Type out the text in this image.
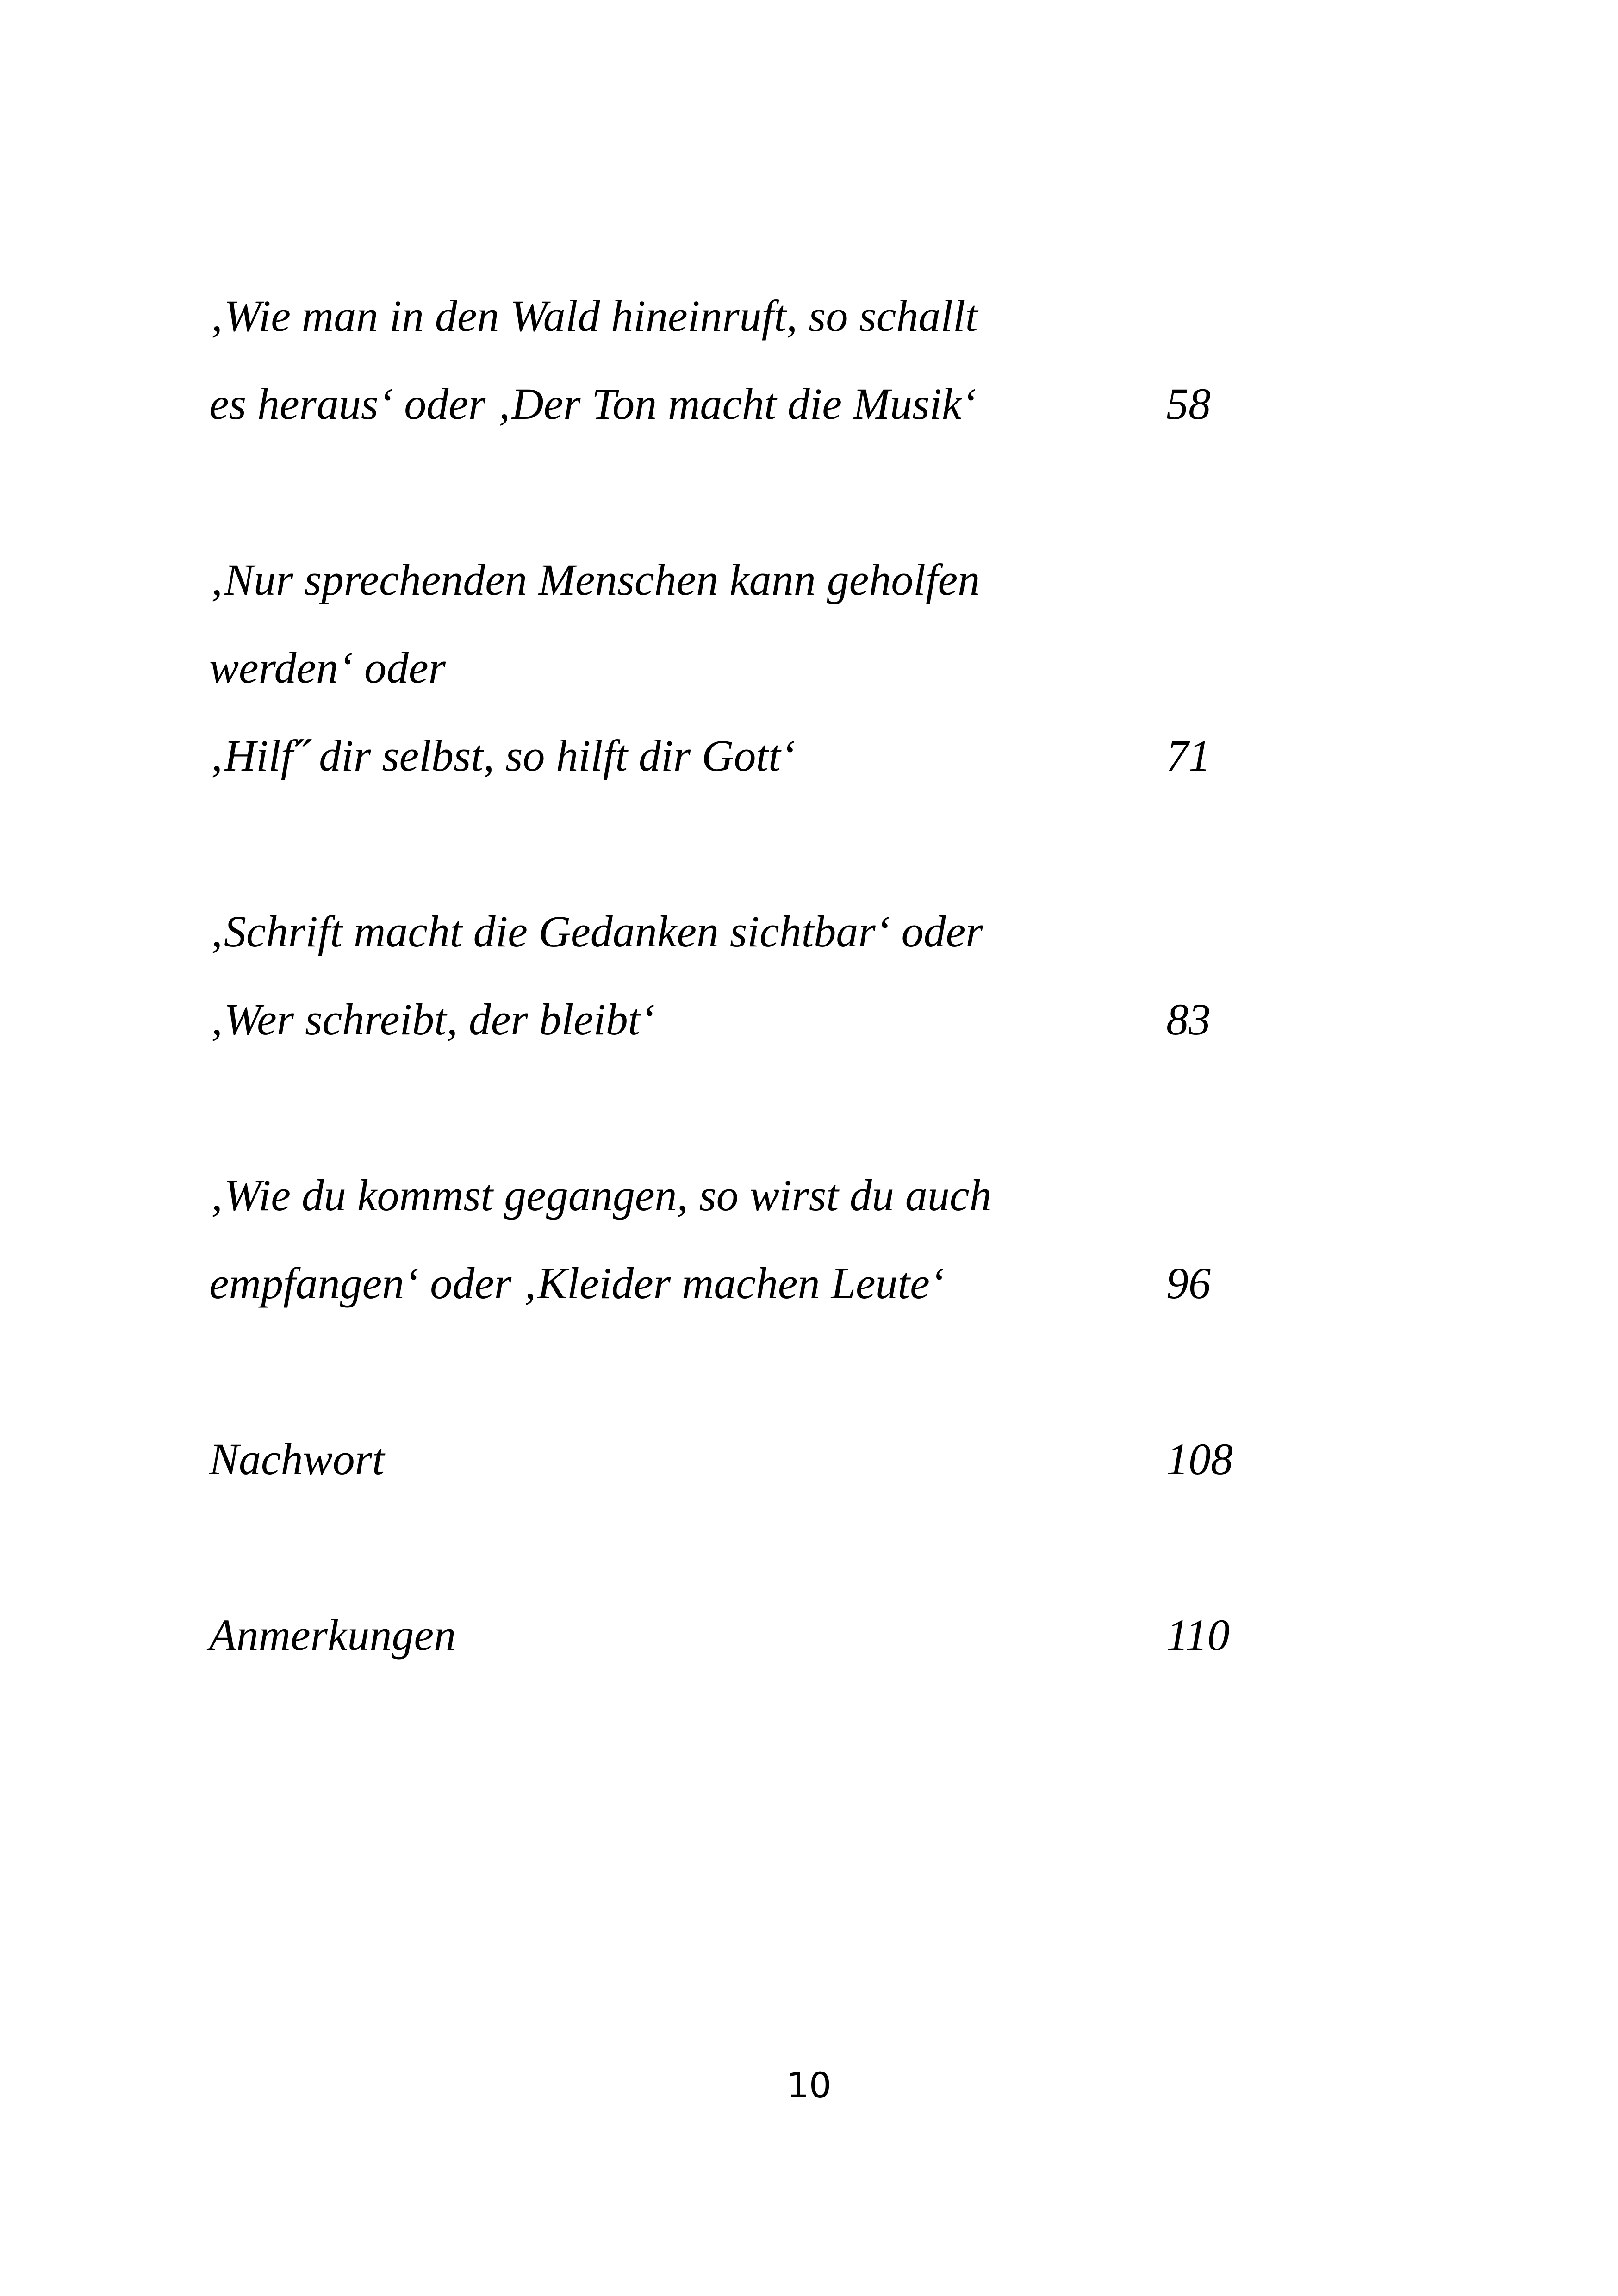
‚Wie man in den Wald hineinruft, so schallt

es heraus‘ oder ‚Der Ton macht die Musik‘	58

‚Nur sprechenden Menschen kann geholfen

werden‘ oder

‚Hilf˝ dir selbst, so hilft dir Gott‘	71

‚Schrift macht die Gedanken sichtbar‘ oder

‚Wer schreibt, der bleibt‘	83

‚Wie du kommst gegangen, so wirst du auch

empfangen‘ oder ‚Kleider machen Leute‘	96

Nachwort	108

Anmerkungen	110

10
